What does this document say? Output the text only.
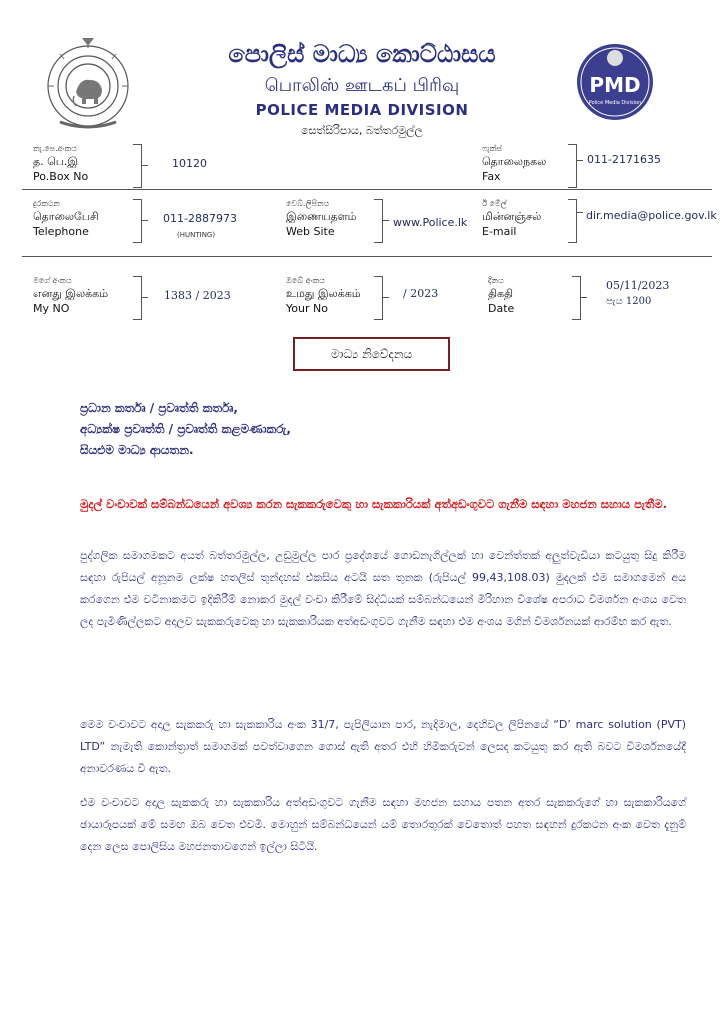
PMD
Police Media Division
පොලිස් මාධ්‍ය කොට්ඨාසය
பொலிஸ் ஊடகப் பிரிவு
POLICE MEDIA DIVISION
සෙත්සිරිපාය, බත්තරමුල්ල
තැ.පෙ.අංකය
த. பெ.இ
Po.Box No
10120
ෆැක්ස්
தொலைநகல
Fax
011-2171635
දුරකථන
தொலைபேசி
Telephone
011-2887973
(HUNTING)
වෙබ්.ලිපිනය
இணையதளம்
Web Site
www.Police.lk
ඊ මේල්
மின்னஞ்சல்
E-mail
dir.media@police.gov.lk
මගේ අංකය
எனது இலக்கம்
My NO
1383 / 2023
ඔබේ අංකය
உமது இலக்கம்
Your No
/ 2023
දිනය
திகதி
Date
05/11/2023
පැය 1200
මාධ්‍ය නිවේදනය
ප්‍රධාන කර්තෘ / ප්‍රවෘත්ති කර්තෘ,
අධ්‍යක්ෂ ප්‍රවෘත්ති / ප්‍රවෘත්ති කළමණාකරු,
සියළුම මාධ්‍ය ආයතන.
මුදල් වංචාවක් සම්බන්ධයෙන් අවශ්‍ය කරන සැකකරුවෙකු හා සැකකාරියක් අත්අඩංගුවට ගැනීම සඳහා මහජන සහාය පැතීම.
පුද්ගලික සමාගමකට අයත් බත්තරමුල්ල, උඩුමුල්ල පාර ප්‍රදේශයේ ගොඩනැගිල්ලක් හා වෙන්ත්තක් අලුත්වැඩියා කටයුතු සිදු කිරීම සඳහා රුපියල් අනූනම ලක්ෂ හතලිස් තුන්දහස් එකසිය අටයි සත තුනක (රුපියල් 99,43,108.03) මුදලක් එම සමාගමෙන් අය කරගෙන එම වටිනාකමට ඉදිකිරීම් නොකර මුදල් වංචා කිරීමේ සිද්ධියක් සම්බන්ධයෙන් මිරිහාන විශේෂ අපරාධ විමර්ශන අංශය වෙත ලද පැමිණිල්ලකට අදාලව සැකකරුවෙකු හා සැකකාරියක අත්අඩංගුවට ගැනීම සඳහා එම අංශය මගින් විමර්ශනයක් ආරම්භ කර ඇත.
මෙම වංචාවට අදාල සැකකරු හා සැකකාරිය අංක 31/7, පැපිලියාන පාර, නැදිමාල, දෙහිවල ලිපිනයේ “D’ marc solution (PVT) LTD” නැමැති කොන්ත්‍රාත් සමාගමක් පවත්වාගෙන ගොස් ඇති අතර එහි හිමිකරුවන් ලෙසද කටයුතු කර ඇති බවට විමර්ශනයේදී අනාවරණය වී ඇත.
එම වංචාවට අදාල සැකකරු හා සැකකාරිය අත්අඩංගුවට ගැනීම සඳහා මහජන සහාය පතන අතර සැකකරුගේ හා සැකකාරියගේ ඡායාරූපයක් මේ සමඟ ඔබ වෙත එවමි. මොහුන් සම්බන්ධයෙන් යම් තොරතුරක් වෙතොත් පහත සඳහන් දුරකථන අංක වෙත දැනුම් දෙන ලෙස පොලිසිය මහජනතාවගෙන් ඉල්ලා සිටියි.
